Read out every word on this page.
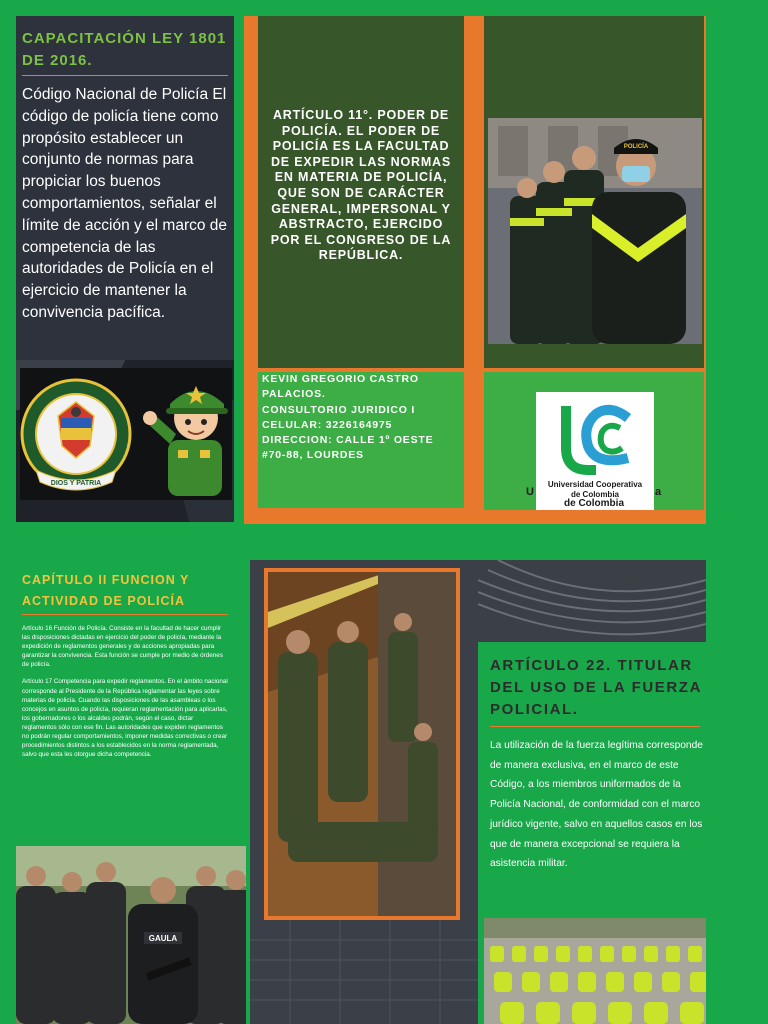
CAPACITACIÓN LEY 1801 DE 2016.
Código Nacional de Policía El código de policía tiene como propósito establecer un conjunto de normas para propiciar los buenos comportamientos, señalar el límite de acción y el marco de competencia de las autoridades de Policía en el ejercicio de mantener la convivencia pacífica.
DIOS Y PATRIA
ARTÍCULO 11°. PODER DE POLICÍA. EL PODER DE POLICÍA ES LA FACULTAD DE EXPEDIR LAS NORMAS EN MATERIA DE POLICÍA, QUE SON DE CARÁCTER GENERAL, IMPERSONAL Y ABSTRACTO, EJERCIDO POR EL CONGRESO DE LA REPÚBLICA.
KEVIN GREGORIO CASTRO PALACIOS.
CONSULTORIO JURIDICO I
CELULAR: 3226164975
DIRECCION: CALLE 1º OESTE #70-88, LOURDES
POLICÍA
Universidad Cooperativa
de Colombia
U	a
de Colombia
CAPÍTULO II FUNCION Y ACTIVIDAD DE POLICÍA

Artículo 16 Función de Policía. Consiste en la facultad de hacer cumplir las disposiciones dictadas en ejercicio del poder de policía, mediante la expedición de reglamentos generales y de acciones apropiadas para garantizar la convivencia. Esta función se cumple por medio de órdenes de policía.

Artículo 17 Competencia para expedir reglamentos. En el ámbito nacional corresponde al Presidente de la República reglamentar las leyes sobre materias de policía. Cuando las disposiciones de las asambleas o los concejos en asuntos de policía, requieran reglamentación para aplicarlas, los gobernadores o los alcaldes podrán, según el caso, dictar reglamentos sólo con ese fin. Las autoridades que expiden reglamentos no podrán regular comportamientos, imponer medidas correctivas o crear procedimientos distintos a los establecidos en la norma reglamentada, salvo que esta les otorgue dicha competencia.

GAULA
ARTÍCULO 22. TITULAR DEL USO DE LA FUERZA POLICIAL.
La utilización de la fuerza legítima corresponde de manera exclusiva, en el marco de este Código, a los miembros uniformados de la Policía Nacional, de conformidad con el marco jurídico vigente, salvo en aquellos casos en los que de manera excepcional se requiera la asistencia militar.
